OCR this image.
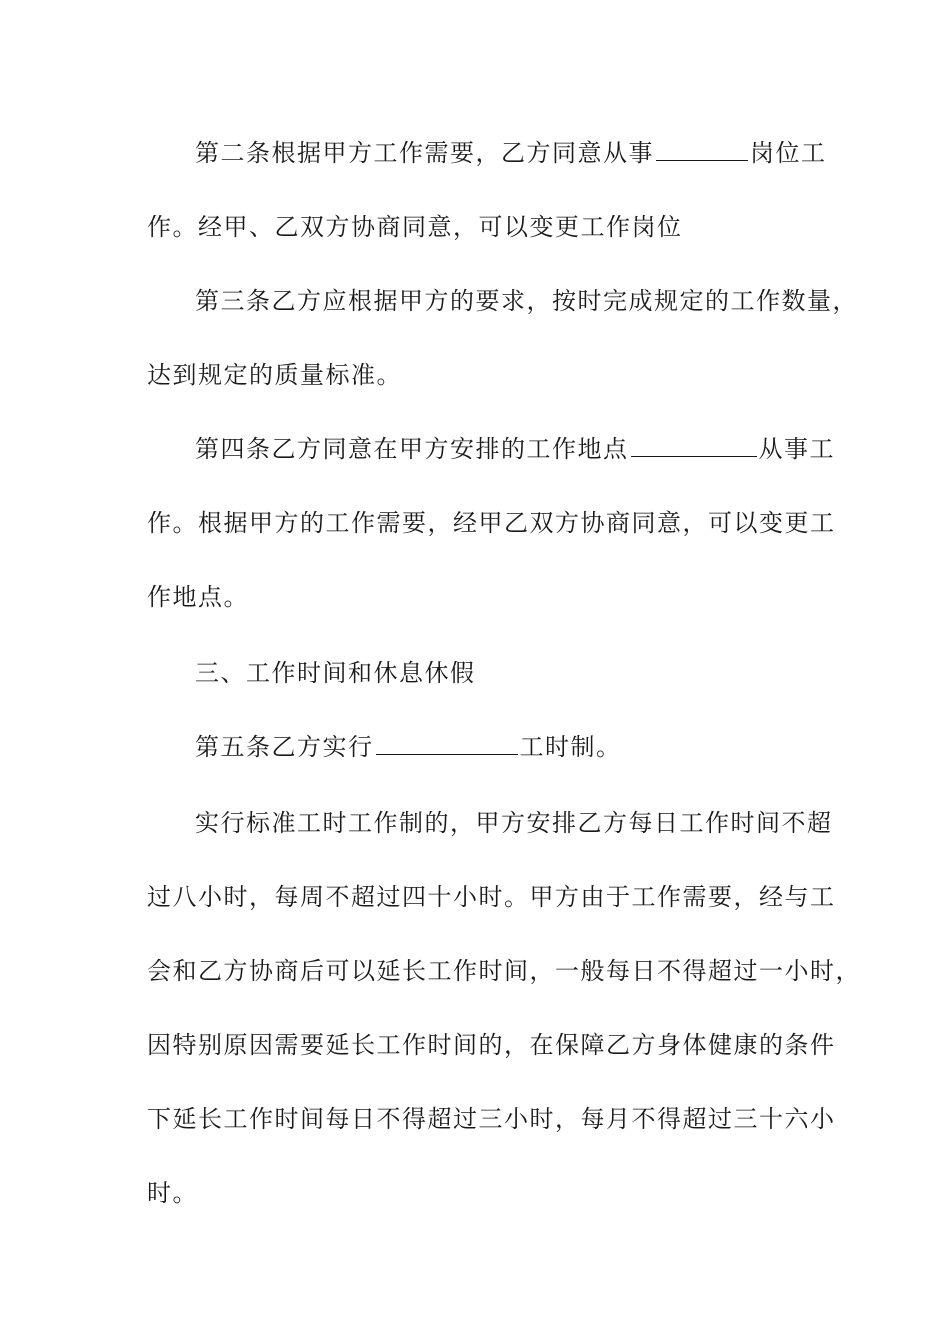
第二条根据甲方工作需要，乙方同意从事	岗位工
作。经甲、乙双方协商同意，可以变更工作岗位
第三条乙方应根据甲方的要求，按时完成规定的工作数量，
达到规定的质量标准。
第四条乙方同意在甲方安排的工作地点	从事工
作。根据甲方的工作需要，经甲乙双方协商同意，可以变更工
作地点。
三、工作时间和休息休假
第五条乙方实行	工时制。
实行标准工时工作制的，甲方安排乙方每日工作时间不超
过八小时，每周不超过四十小时。甲方由于工作需要，经与工
会和乙方协商后可以延长工作时间，一般每日不得超过一小时，
因特别原因需要延长工作时间的，在保障乙方身体健康的条件
下延长工作时间每日不得超过三小时，每月不得超过三十六小
时。
